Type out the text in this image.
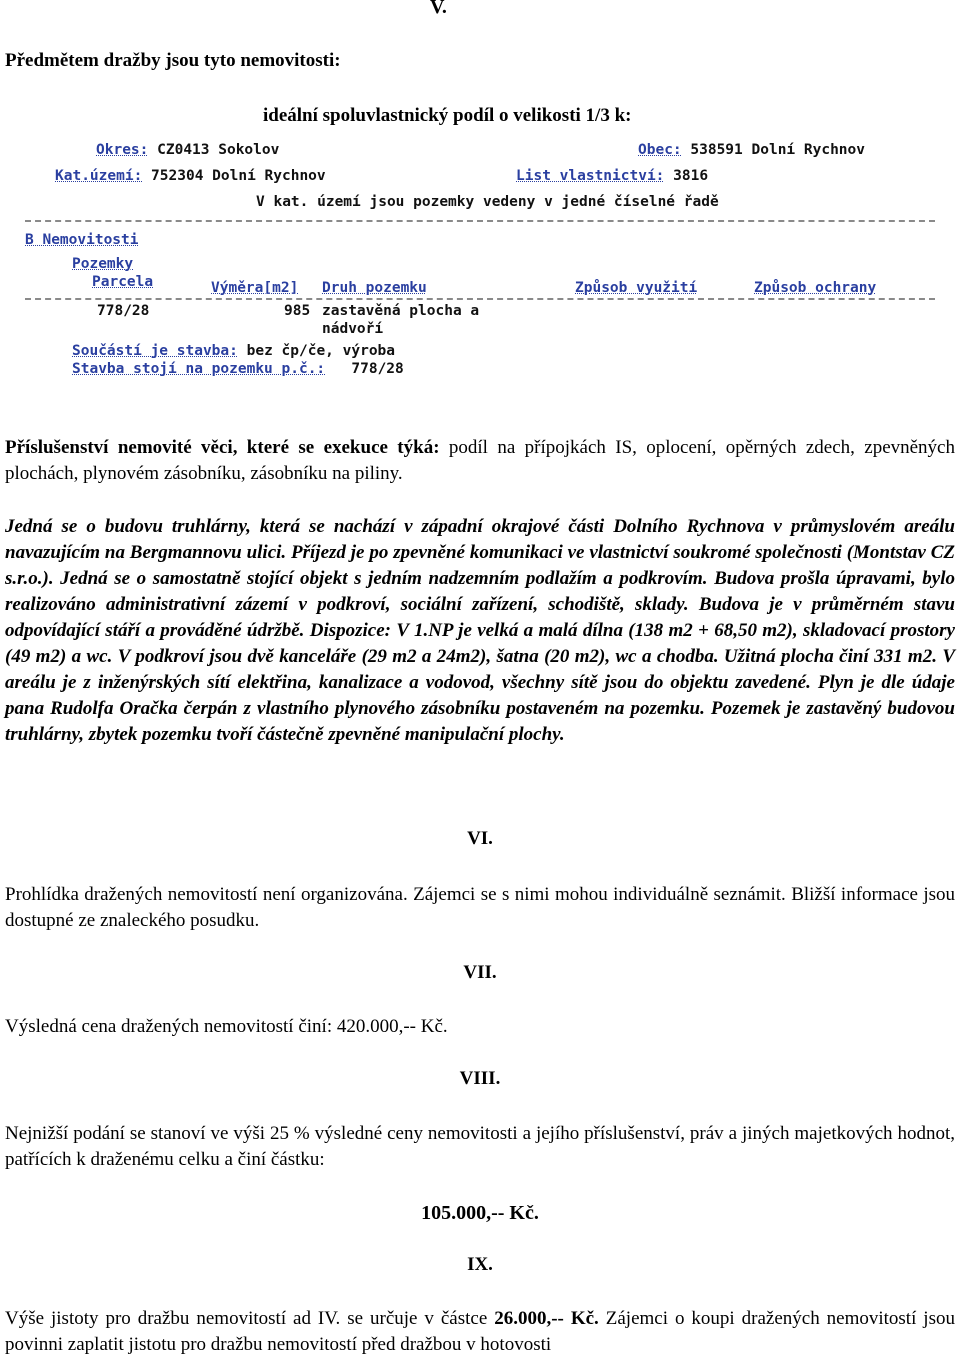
V.
Předmětem dražby jsou tyto nemovitosti:
ideální spoluvlastnický podíl o velikosti 1/3 k:
Okres: CZ0413 Sokolov	Obec: 538591 Dolní Rychnov
Kat.území: 752304 Dolní Rychnov	List vlastnictví: 3816
V kat. území jsou pozemky vedeny v jedné číselné řadě
B Nemovitosti
Pozemky
Parcela	Výměra[m2] Druh pozemku	Způsob využití	Způsob ochrany
778/28	985 zastavěná plocha a
nádvoří
Součástí je stavba: bez čp/če, výroba
Stavba stojí na pozemku p.č.: 778/28
Příslušenství nemovité věci, které se exekuce týká: podíl na přípojkách IS, oplocení, opěrných zdech, zpevněných plochách, plynovém zásobníku, zásobníku na piliny.
Jedná se o budovu truhlárny, která se nachází v západní okrajové části Dolního Rychnova v průmyslovém areálu navazujícím na Bergmannovu ulici. Příjezd je po zpevněné komunikaci ve vlastnictví soukromé společnosti (Montstav CZ s.r.o.). Jedná se o samostatně stojící objekt s jedním nadzemním podlažím a podkrovím. Budova prošla úpravami, bylo realizováno administrativní zázemí v podkroví, sociální zařízení, schodiště, sklady. Budova je v průměrném stavu odpovídající stáří a prováděné údržbě. Dispozice: V 1.NP je velká a malá dílna (138 m2 + 68,50 m2), skladovací prostory (49 m2) a wc. V podkroví jsou dvě kanceláře (29 m2 a 24m2), šatna (20 m2), wc a chodba. Užitná plocha činí 331 m2. V areálu je z inženýrských sítí elektřina, kanalizace a vodovod, všechny sítě jsou do objektu zavedené. Plyn je dle údaje pana Rudolfa Oračka čerpán z vlastního plynového zásobníku postaveném na pozemku. Pozemek je zastavěný budovou truhlárny, zbytek pozemku tvoří částečně zpevněné manipulační plochy.
VI.
Prohlídka dražených nemovitostí není organizována. Zájemci se s nimi mohou individuálně seznámit. Bližší informace jsou dostupné ze znaleckého posudku.
VII.
Výsledná cena dražených nemovitostí činí: 420.000,-- Kč.
VIII.
Nejnižší podání se stanoví ve výši 25 % výsledné ceny nemovitosti a jejího příslušenství, práv a jiných majetkových hodnot, patřících k draženému celku a činí částku:
105.000,-- Kč.
IX.
Výše jistoty pro dražbu nemovitostí ad IV. se určuje v částce 26.000,-- Kč. Zájemci o koupi dražených nemovitostí jsou povinni zaplatit jistotu pro dražbu nemovitostí před dražbou v hotovosti
